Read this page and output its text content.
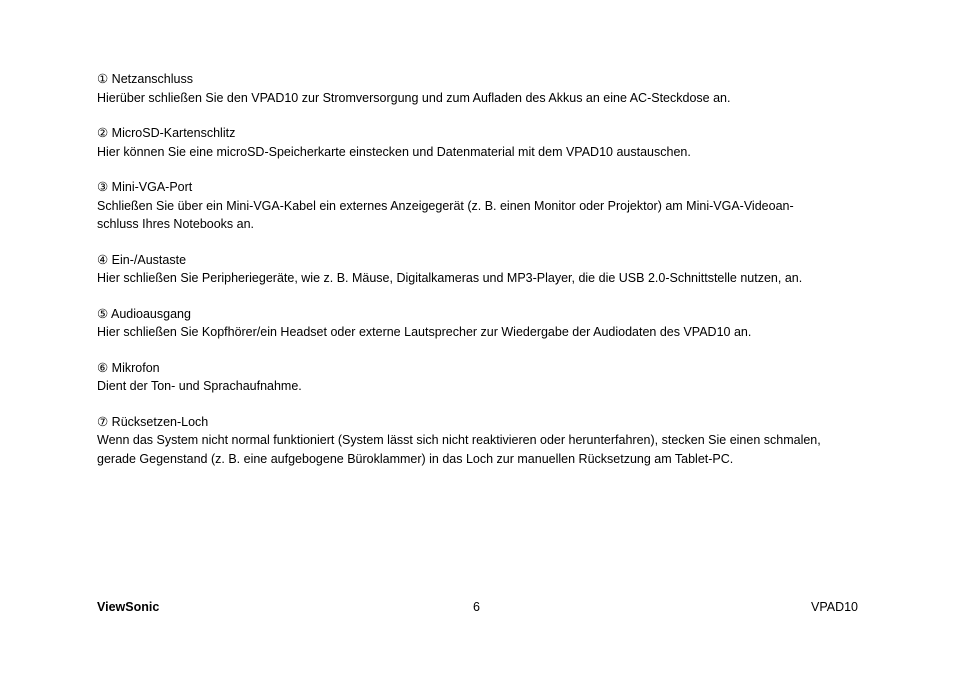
① Netzanschluss
Hierüber schließen Sie den VPAD10 zur Stromversorgung und zum Aufladen des Akkus an eine AC-Steckdose an.
② MicroSD-Kartenschlitz
Hier können Sie eine microSD-Speicherkarte einstecken und Datenmaterial mit dem VPAD10 austauschen.
③ Mini-VGA-Port
Schließen Sie über ein Mini-VGA-Kabel ein externes Anzeigegerät (z. B. einen Monitor oder Projektor) am Mini-VGA-Videoan-
schluss Ihres Notebooks an.
④ Ein-/Austaste
Hier schließen Sie Peripheriegeräte, wie z. B. Mäuse, Digitalkameras und MP3-Player, die die USB 2.0-Schnittstelle nutzen, an.
⑤ Audioausgang
Hier schließen Sie Kopfhörer/ein Headset oder externe Lautsprecher zur Wiedergabe der Audiodaten des VPAD10 an.
⑥ Mikrofon
Dient der Ton- und Sprachaufnahme.
⑦ Rücksetzen-Loch
Wenn das System nicht normal funktioniert (System lässt sich nicht reaktivieren oder herunterfahren), stecken Sie einen schmalen,
gerade Gegenstand (z. B. eine aufgebogene Büroklammer) in das Loch zur manuellen Rücksetzung am Tablet-PC.
ViewSonic	6	VPAD10
